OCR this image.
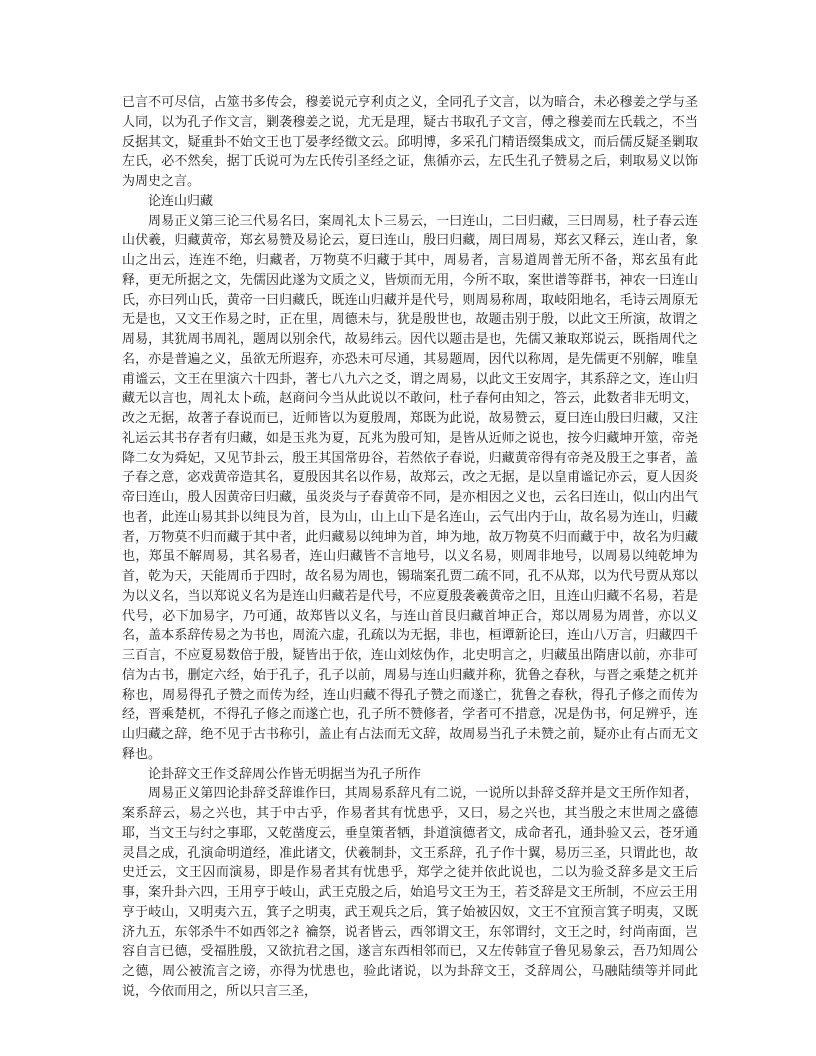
已言不可尽信，占筮书多传会，穆姜说元亨利贞之义，全同孔子文言，以为暗合，未必穆姜之学与圣人同，以为孔子作文言，剿袭穆姜之说，尤无是理，疑古书取孔子文言，傅之穆姜而左氏载之，不当反据其文，疑重卦不始文王也丁晏孝经徵文云。邱明博，多采孔门精语缀集成文，而后儒反疑圣剿取左氏，必不然矣，据丁氏说可为左氏传引圣经之证，焦循亦云，左氏生孔子赞易之后，剌取易义以饰为周史之言。

论连山归藏

周易正义第三论三代易名曰，案周礼太卜三易云，一曰连山，二曰归藏，三曰周易，杜子春云连山伏羲，归藏黄帝，郑玄易赞及易论云，夏曰连山，殷曰归藏，周曰周易，郑玄又释云，连山者，象山之出云，连连不绝，归藏者，万物莫不归藏于其中，周易者，言易道周普无所不备，郑玄虽有此释，更无所据之文，先儒因此遂为文质之义，皆烦而无用，今所不取，案世谱等群书，神农一曰连山氏，亦曰列山氏，黄帝一曰归藏氏，既连山归藏并是代号，则周易称周，取岐阳地名，毛诗云周原无无是也，又文王作易之时，正在里，周德未与，犹是殷世也，故题击别于殷，以此文王所演，故谓之周易，其犹周书周礼，题周以别余代，故易纬云。因代以题击是也，先儒又兼取郑说云，既指周代之名，亦是普遍之义，虽欲无所遐弃，亦恐未可尽通，其易题周，因代以称周，是先儒更不别解，唯皇甫谧云，文王在里演六十四卦，著七八九六之爻，谓之周易，以此文王安周字，其系辞之文，连山归藏无以言也，周礼太卜疏，赵商问今当从此说以不敢问，杜子春何由知之，答云，此数者非无明文，改之无据，故著子春说而已，近师皆以为夏殷周，郑既为此说，故易赞云，夏曰连山殷曰归藏，又注礼运云其书存者有归藏，如是玉兆为夏，瓦兆为殷可知，是皆从近师之说也，按今归藏坤开筮，帝尧降二女为舜妃，又见节卦云，殷王其国常毋谷，若然依子春说，归藏黄帝得有帝尧及殷王之事者，盖子春之意，宓戏黄帝造其名，夏殷因其名以作易，故郑云，改之无据，是以皇甫谧记亦云，夏人因炎帝曰连山，殷人因黄帝曰归藏，虽炎炎与子春黄帝不同，是亦相因之义也，云名曰连山，似山内出气也者，此连山易其卦以纯艮为首，艮为山，山上山下是名连山，云气出内于山，故名易为连山，归藏者，万物莫不归而藏于其中者，此归藏易以纯坤为首，坤为地，故万物莫不归而藏于中，故名为归藏也，郑虽不解周易，其名易者，连山归藏皆不言地号，以义名易，则周非地号，以周易以纯乾坤为首，乾为天，天能周币于四时，故名易为周也，锡瑞案孔贾二疏不同，孔不从郑，以为代号贾从郑以为以义名，当以郑说义名为是连山归藏若是代号，不应夏殷袭羲黄帝之旧，且连山归藏不名易，若是代号，必下加易字，乃可通，故郑皆以义名，与连山首艮归藏首坤正合，郑以周易为周普，亦以义名，盖本系辞传易之为书也，周流六虚，孔疏以为无据，非也，桓谭新论曰，连山八万言，归藏四千三百言，不应夏易数倍于殷，疑皆出于依，连山刘炫伪作，北史明言之，归藏虽出隋唐以前，亦非可信为古书，删定六经，始于孔子，孔子以前，周易与连山归藏并称，犹鲁之春秋，与晋之乘楚之杌并称也，周易得孔子赞之而传为经，连山归藏不得孔子赞之而遂亡，犹鲁之春秋，得孔子修之而传为经，晋乘楚杌，不得孔子修之而遂亡也，孔子所不赞修者，学者可不措意，况是伪书，何足辨乎，连山归藏之辞，绝不见于古书称引，盖止有占法而无文辞，故周易当孔子未赞之前，疑亦止有占而无文释也。

论卦辞文王作爻辞周公作皆无明据当为孔子所作

周易正义第四论卦辞爻辞谁作曰，其周易系辞凡有二说，一说所以卦辞爻辞并是文王所作知者，案系辞云，易之兴也，其于中古乎，作易者其有忧患乎，又曰，易之兴也，其当殷之末世周之盛德耶，当文王与纣之事耶，又乾凿度云，垂皇策者牺，卦道演德者文，成命者孔，通卦验又云，苍牙通灵昌之成，孔演命明道经，准此诸文，伏羲制卦，文王系辞，孔子作十翼，易历三圣，只谓此也，故史迁云，文王囚而演易，即是作易者其有忧患乎，郑学之徒并依此说也，二以为验爻辞多是文王后事，案升卦六四，王用亨于岐山，武王克殷之后，始追号文王为王，若爻辞是文王所制，不应云王用亨于岐山，又明夷六五，箕子之明夷，武王观兵之后，箕子始被囚奴，文王不宜预言箕子明夷，又既济九五，东邻杀牛不如西邻之礻禴祭，说者皆云，西邻谓文王，东邻谓纣，文王之时，纣尚南面，岂容自言已德，受福胜殷，又欲抗君之国，遂言东西相邻而已，又左传韩宣子鲁见易象云，吾乃知周公之德，周公被流言之谤，亦得为忧患也，验此诸说，以为卦辞文王，爻辞周公，马融陆绩等并同此说，今依而用之，所以只言三圣，
